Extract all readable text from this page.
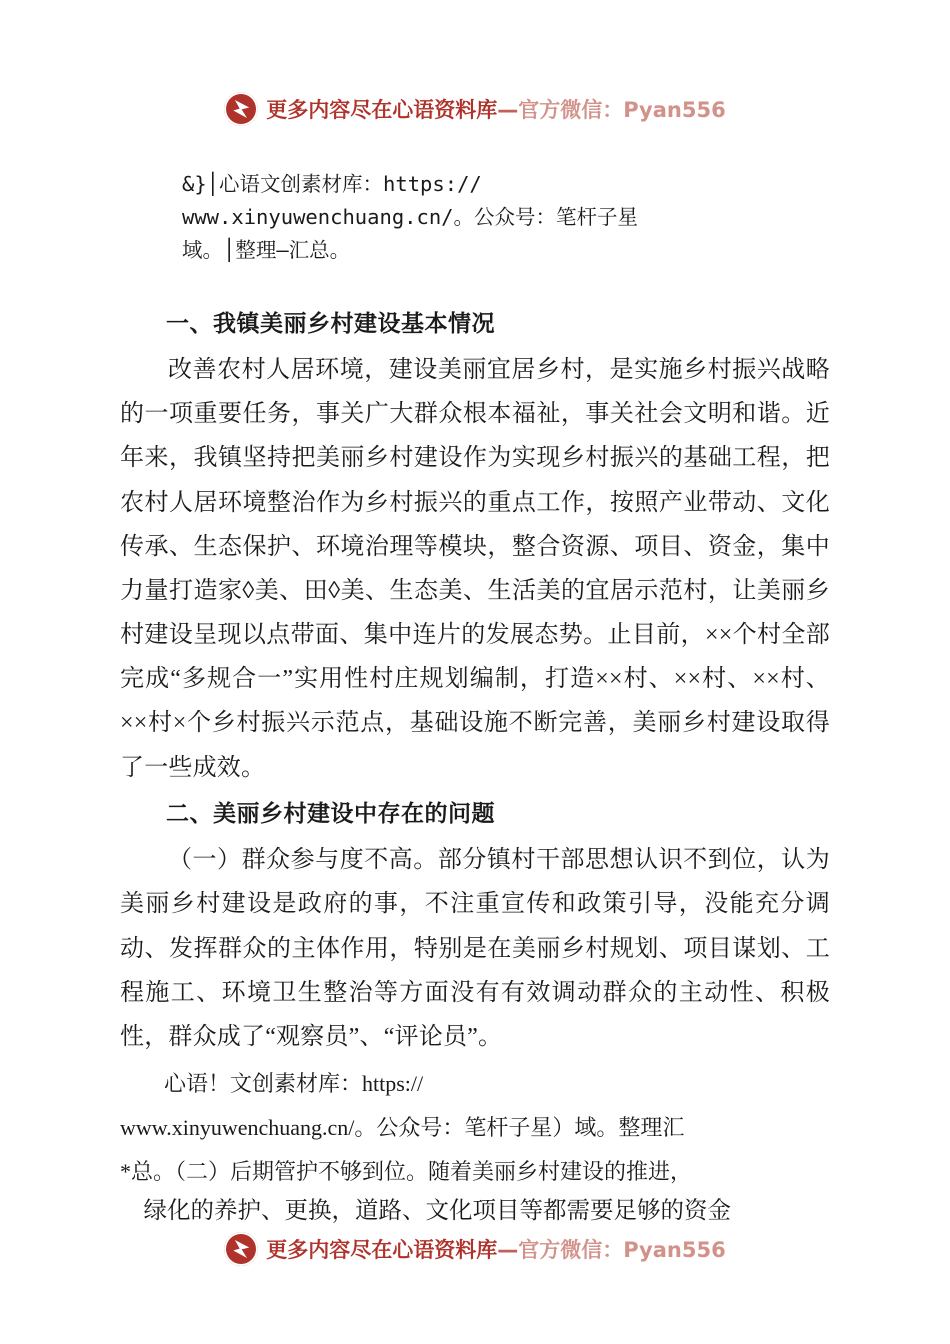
更多内容尽在心语资料库—官方微信：Pyan556
&}│心语文创素材库：https://
www.xinyuwenchuang.cn/。公众号：笔杆子星
域。│整理—汇总。
一、我镇美丽乡村建设基本情况

改善农村人居环境，建设美丽宜居乡村，是实施乡村振兴战略的一项重要任务，事关广大群众根本福祉，事关社会文明和谐。近年来，我镇坚持把美丽乡村建设作为实现乡村振兴的基础工程，把农村人居环境整治作为乡村振兴的重点工作，按照产业带动、文化传承、生态保护、环境治理等模块，整合资源、项目、资金，集中力量打造家◊美、田◊美、生态美、生活美的宜居示范村，让美丽乡村建设呈现以点带面、集中连片的发展态势。止目前，××个村全部完成“多规合一”实用性村庄规划编制，打造××村、××村、××村、××村×个乡村振兴示范点，基础设施不断完善，美丽乡村建设取得了一些成效。

二、美丽乡村建设中存在的问题

（一）群众参与度不高。部分镇村干部思想认识不到位，认为美丽乡村建设是政府的事，不注重宣传和政策引导，没能充分调动、发挥群众的主体作用，特别是在美丽乡村规划、项目谋划、工程施工、环境卫生整治等方面没有有效调动群众的主动性、积极性，群众成了“观察员”、“评论员”。

心语！文创素材库：https://

www.xinyuwenchuang.cn/。公众号：笔杆子星）域。整理汇

*总。（二）后期管护不够到位。随着美丽乡村建设的推进，

绿化的养护、更换，道路、文化项目等都需要足够的资金

更多内容尽在心语资料库—官方微信：Pyan556
